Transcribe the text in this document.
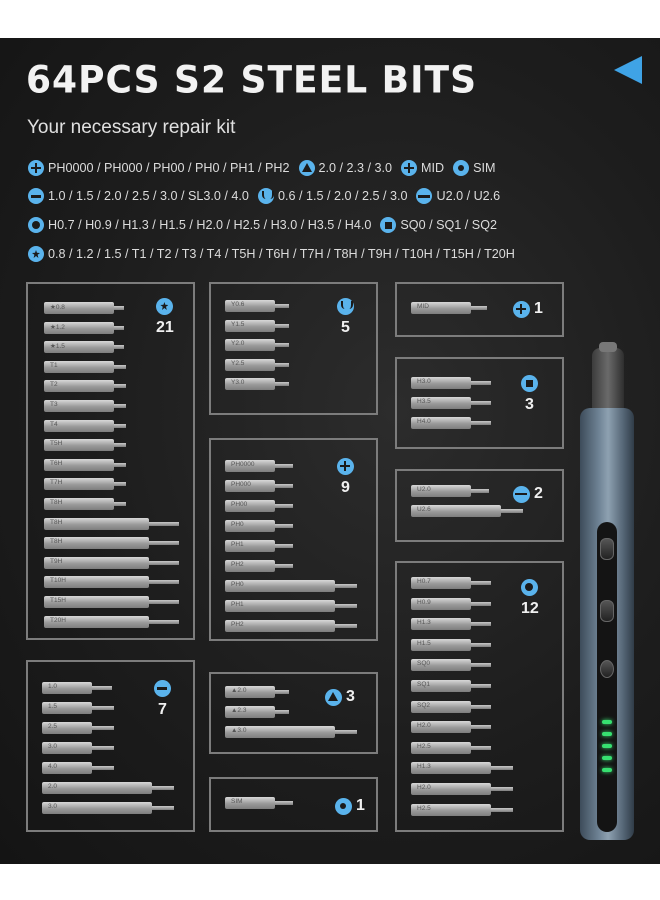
64PCS S2 STEEL BITS
Your necessary repair kit
PH0000 / PH000 / PH00 / PH0 / PH1 / PH2 2.0 / 2.3 / 3.0 MID SIM
1.0 / 1.5 / 2.0 / 2.5 / 3.0 / SL3.0 / 4.0 0.6 / 1.5 / 2.0 / 2.5 / 3.0 U2.0 / U2.6
H0.7 / H0.9 / H1.3 / H1.5 / H2.0 / H2.5 / H3.0 / H3.5 / H4.0 SQ0 / SQ1 / SQ2
0.8 / 1.2 / 1.5 / T1 / T2 / T3 / T4 / T5H / T6H / T7H / T8H / T9H / T10H / T15H / T20H
★0.8
★1.2
★1.5
T1
T2
T3
T4
T5H
T6H
T7H
T8H
T8H
T8H
T9H
T10H
T15H
T20H
21
Y0.6
Y1.5
Y2.0
Y2.5
Y3.0
5
PH0000
PH000
PH00
PH0
PH1
PH2
PH0
PH1
PH2
9
1.0
1.5
2.5
3.0
4.0
2.0
3.0
7
▲2.0
▲2.3
▲3.0
3
SIM	1
MID	1
H3.0
H3.5
H4.0
3
U2.0
U2.6
2
H0.7
H0.9
H1.3
H1.5
SQ0
SQ1
SQ2
H2.0
H2.5
H1.3
H2.0
H2.5
12
